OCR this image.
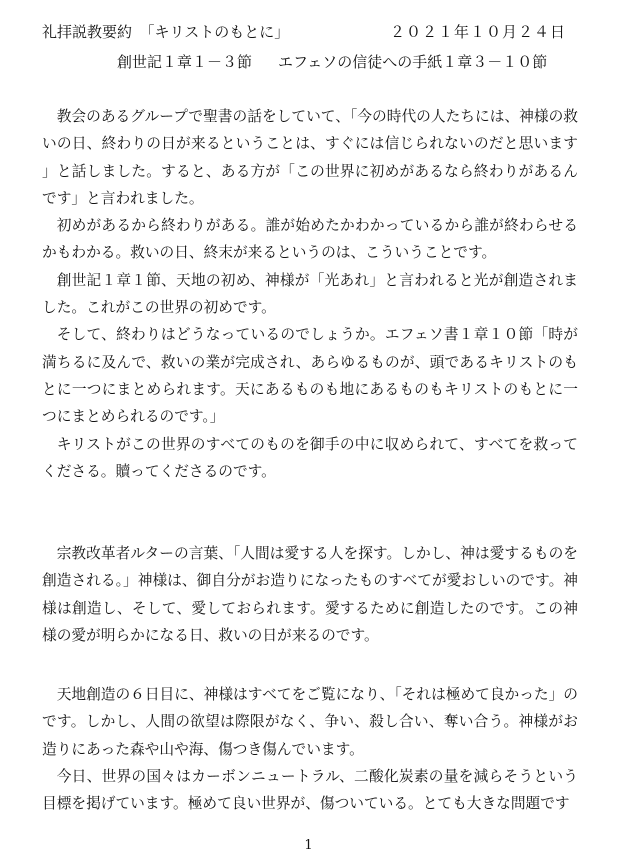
礼拝説教要約　「キリストのもとに」	２０２１年１０月２４日
創世記１章１－３節 エフェソの信徒への手紙１章３－１０節

教会のあるグループで聖書の話をしていて、「今の時代の人たちには、神様の救いの日、終わりの日が来るということは、すぐには信じられないのだと思います」と話しました。すると、ある方が「この世界に初めがあるなら終わりがあるんです」と言われました。

初めがあるから終わりがある。誰が始めたかわかっているから誰が終わらせるかもわかる。救いの日、終末が来るというのは、こういうことです。

創世記１章１節、天地の初め、神様が「光あれ」と言われると光が創造されました。これがこの世界の初めです。

そして、終わりはどうなっているのでしょうか。エフェソ書１章１０節「時が満ちるに及んで、救いの業が完成され、あらゆるものが、頭であるキリストのもとに一つにまとめられます。天にあるものも地にあるものもキリストのもとに一つにまとめられるのです。」

キリストがこの世界のすべてのものを御手の中に収められて、すべてを救ってくださる。贖ってくださるのです。

宗教改革者ルターの言葉、「人間は愛する人を探す。しかし、神は愛するものを創造される。」神様は、御自分がお造りになったものすべてが愛おしいのです。神様は創造し、そして、愛しておられます。愛するために創造したのです。この神様の愛が明らかになる日、救いの日が来るのです。

天地創造の６日目に、神様はすべてをご覧になり、「それは極めて良かった」のです。しかし、人間の欲望は際限がなく、争い、殺し合い、奪い合う。神様がお造りにあった森や山や海、傷つき傷んでいます。

今日、世界の国々はカーボンニュートラル、二酸化炭素の量を減らそうという目標を掲げています。極めて良い世界が、傷ついている。とても大きな問題です

1
